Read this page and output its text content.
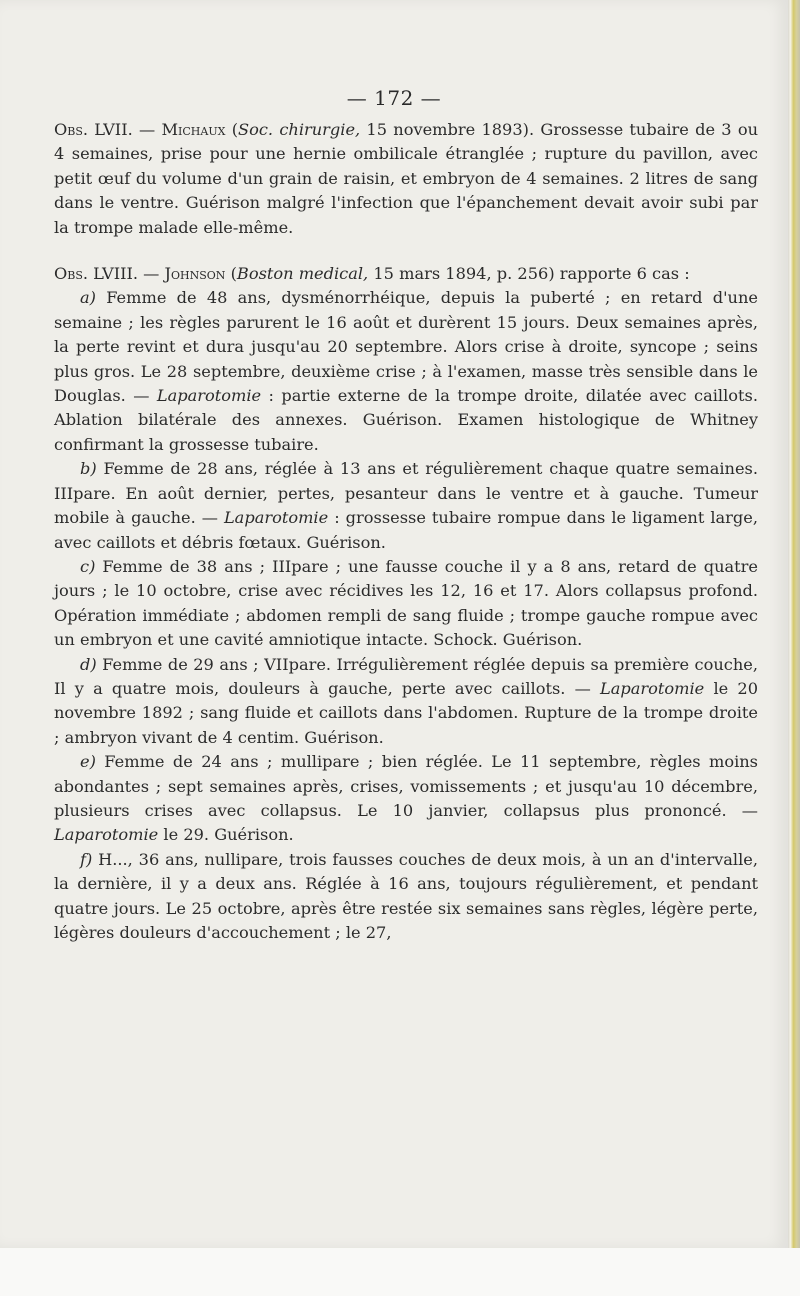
— 172 —

Obs. LVII. — Michaux (Soc. chirurgie, 15 novembre 1893). Grossesse tubaire de 3 ou 4 semaines, prise pour une hernie ombilicale étranglée ; rupture du pavillon, avec petit œuf du volume d'un grain de raisin, et embryon de 4 semaines. 2 litres de sang dans le ventre. Guérison malgré l'infection que l'épanchement devait avoir subi par la trompe malade elle-même.

Obs. LVIII. — Johnson (Boston medical, 15 mars 1894, p. 256) rapporte 6 cas :

a) Femme de 48 ans, dysménorrhéique, depuis la puberté ; en retard d'une semaine ; les règles parurent le 16 août et durèrent 15 jours. Deux semaines après, la perte revint et dura jusqu'au 20 septembre. Alors crise à droite, syncope ; seins plus gros. Le 28 septembre, deuxième crise ; à l'examen, masse très sensible dans le Douglas. — Laparotomie : partie externe de la trompe droite, dilatée avec caillots. Ablation bilatérale des annexes. Guérison. Examen histologique de Whitney confirmant la grossesse tubaire.

b) Femme de 28 ans, réglée à 13 ans et régulièrement chaque quatre semaines. IIIpare. En août dernier, pertes, pesanteur dans le ventre et à gauche. Tumeur mobile à gauche. — Laparotomie : grossesse tubaire rompue dans le ligament large, avec caillots et débris fœtaux. Guérison.

c) Femme de 38 ans ; IIIpare ; une fausse couche il y a 8 ans, retard de quatre jours ; le 10 octobre, crise avec récidives les 12, 16 et 17. Alors collapsus profond. Opération immédiate ; abdomen rempli de sang fluide ; trompe gauche rompue avec un embryon et une cavité amniotique intacte. Schock. Guérison.

d) Femme de 29 ans ; VIIpare. Irrégulièrement réglée depuis sa première couche, Il y a quatre mois, douleurs à gauche, perte avec caillots. — Laparotomie le 20 novembre 1892 ; sang fluide et caillots dans l'abdomen. Rupture de la trompe droite ; ambryon vivant de 4 centim. Guérison.

e) Femme de 24 ans ; mullipare ; bien réglée. Le 11 septembre, règles moins abondantes ; sept semaines après, crises, vomissements ; et jusqu'au 10 décembre, plusieurs crises avec collapsus. Le 10 janvier, collapsus plus prononcé. — Laparotomie le 29. Guérison.

f) H..., 36 ans, nullipare, trois fausses couches de deux mois, à un an d'intervalle, la dernière, il y a deux ans. Réglée à 16 ans, toujours régulièrement, et pendant quatre jours. Le 25 octobre, après être restée six semaines sans règles, légère perte, légères douleurs d'accouchement ; le 27,
